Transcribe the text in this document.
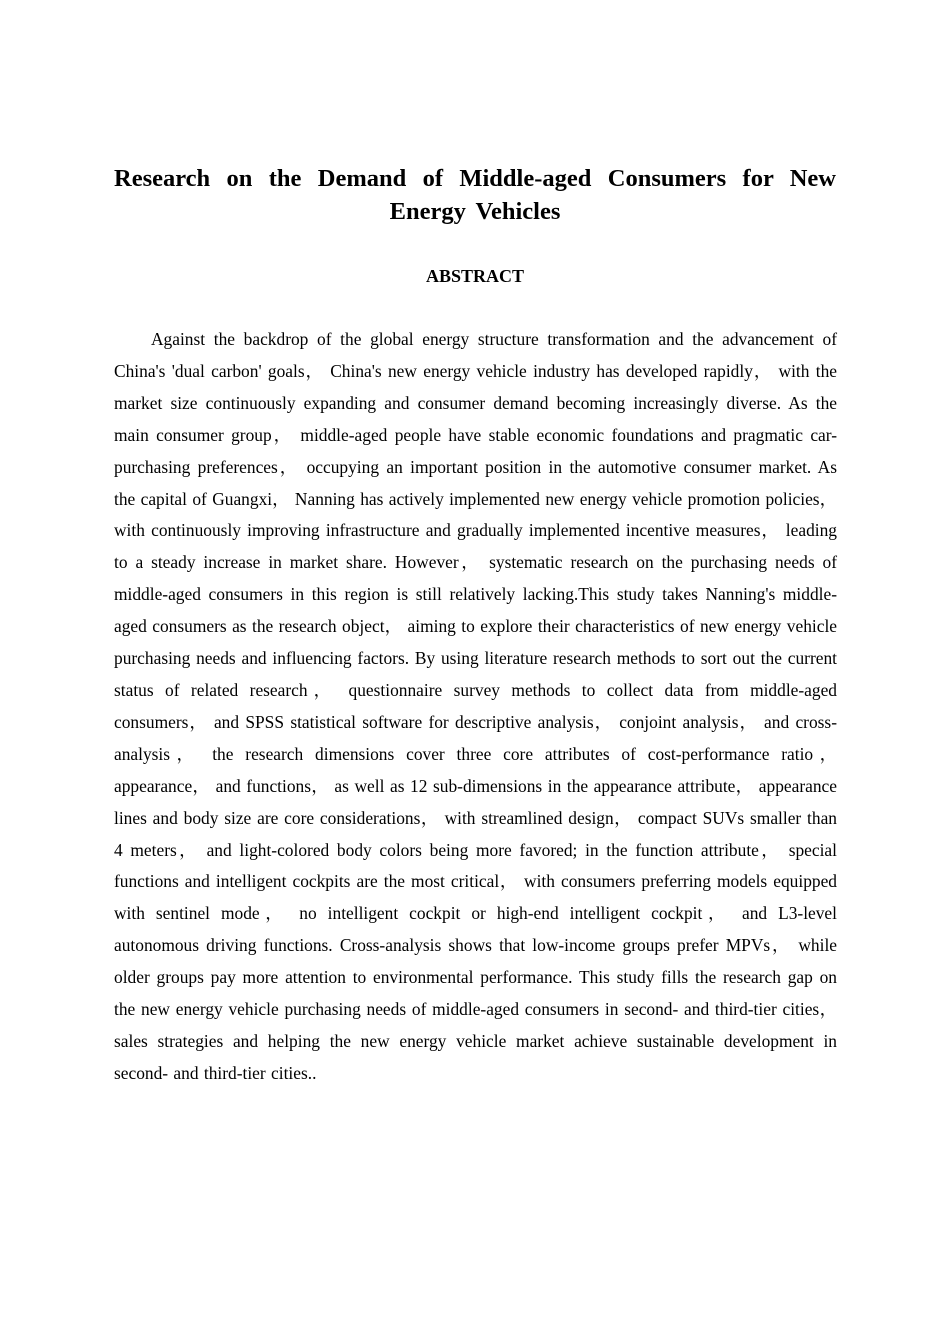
Research on the Demand of Middle-aged Consumers for New Energy Vehicles
ABSTRACT

Against the backdrop of the global energy structure transformation and the advancement of China's 'dual carbon' goals， China's new energy vehicle industry has developed rapidly， with the market size continuously expanding and consumer demand becoming increasingly diverse. As the main consumer group， middle-aged people have stable economic foundations and pragmatic car-purchasing preferences， occupying an important position in the automotive consumer market. As the capital of Guangxi， Nanning has actively implemented new energy vehicle promotion policies， with continuously improving infrastructure and gradually implemented incentive measures， leading to a steady increase in market share. However， systematic research on the purchasing needs of middle-aged consumers in this region is still relatively lacking.This study takes Nanning's middle-aged consumers as the research object， aiming to explore their characteristics of new energy vehicle purchasing needs and influencing factors. By using literature research methods to sort out the current status of related research， questionnaire survey methods to collect data from middle-aged consumers， and SPSS statistical software for descriptive analysis， conjoint analysis， and cross-analysis， the research dimensions cover three core attributes of cost-performance ratio， appearance， and functions， as well as 12 sub-dimensions in the appearance attribute， appearance lines and body size are core considerations， with streamlined design， compact SUVs smaller than 4 meters， and light-colored body colors being more favored; in the function attribute， special functions and intelligent cockpits are the most critical， with consumers preferring models equipped with sentinel mode， no intelligent cockpit or high-end intelligent cockpit， and L3-level autonomous driving functions. Cross-analysis shows that low-income groups prefer MPVs， while older groups pay more attention to environmental performance. This study fills the research gap on the new energy vehicle purchasing needs of middle-aged consumers in second- and third-tier cities， sales strategies and helping the new energy vehicle market achieve sustainable development in second- and third-tier cities..
